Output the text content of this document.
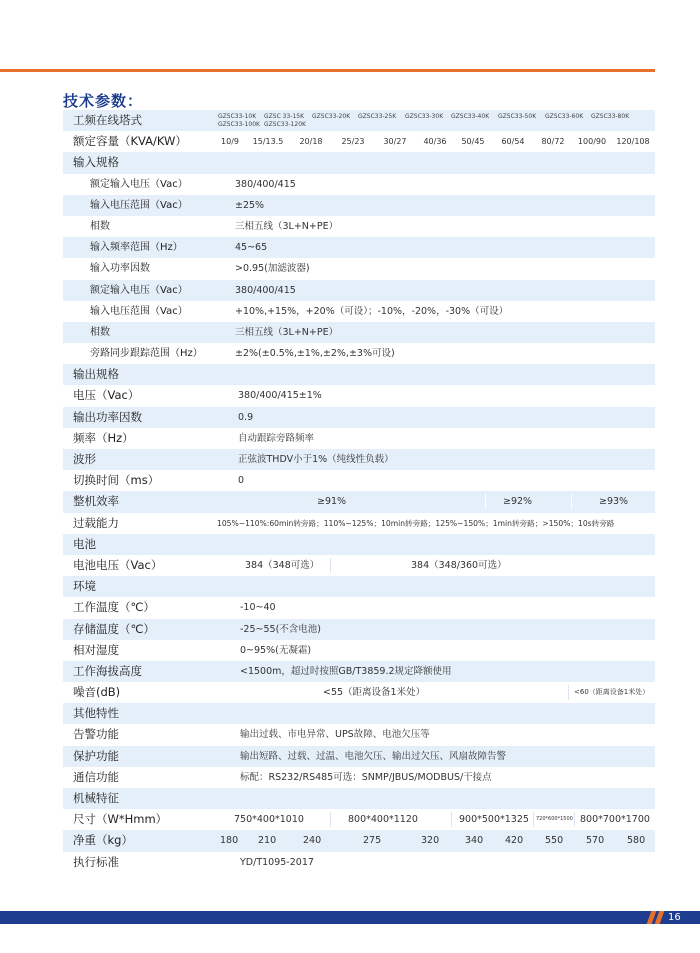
技术参数：
工频在线塔式	GZSC33-10K GZSC 33-15K GZSC33-20K GZSC33-25K GZSC33-30K GZSC33-40K GZSC33-50K GZSC33-60K GZSC33-80K
GZSC33-100K GZSC33-120K
额定容量（KVA/KW）	10/9	15/13.5	20/18	25/23	30/27	40/36	50/45	60/54	80/72	100/90	120/108
输入规格
额定输入电压（Vac）	380/400/415
输入电压范围（Vac）	±25%
相数	三相五线（3L+N+PE）
输入频率范围（Hz）	45~65
输入功率因数	>0.95(加滤波器)
额定输入电压（Vac）	380/400/415
输入电压范围（Vac）	+10%,+15%，+20%（可设）；-10%，-20%，-30%（可设）
相数	三相五线（3L+N+PE）
旁路同步跟踪范围（Hz）	±2%(±0.5%,±1%,±2%,±3%可设)
输出规格
电压（Vac）	380/400/415±1%
输出功率因数	0.9
频率（Hz）	自动跟踪旁路频率
波形	正弦波THDV小于1%（纯线性负载）
切换时间（ms）	0
整机效率	≥91%	≥92%	≥93%
过载能力	105%~110%:60min转旁路；110%~125%；10min转旁路；125%~150%；1min转旁路；>150%；10s转旁路
电池
电池电压（Vac）	384（348可选）	384（348/360可选）
环境
工作温度（℃）	-10~40
存储温度（℃）	-25~55(不含电池)
相对湿度	0~95%(无凝霜)
工作海拔高度	<1500m，超过时按照GB/T3859.2规定降额使用
噪音(dB)	<55（距离设备1米处）	<60（距离设备1米处）
其他特性
告警功能	输出过载、市电异常、UPS故障、电池欠压等
保护功能	输出短路、过载、过温、电池欠压、输出过欠压、风扇故障告警
通信功能	标配：RS232/RS485可选：SNMP/JBUS/MODBUS/干接点
机械特征
尺寸（W*Hmm）	750*400*1010	800*400*1120	900*500*1325 720*600*1500 800*700*1700
净重（kg）	180 210	240	275	320	340 420 550 570 580
执行标准	YD/T1095-2017
16
